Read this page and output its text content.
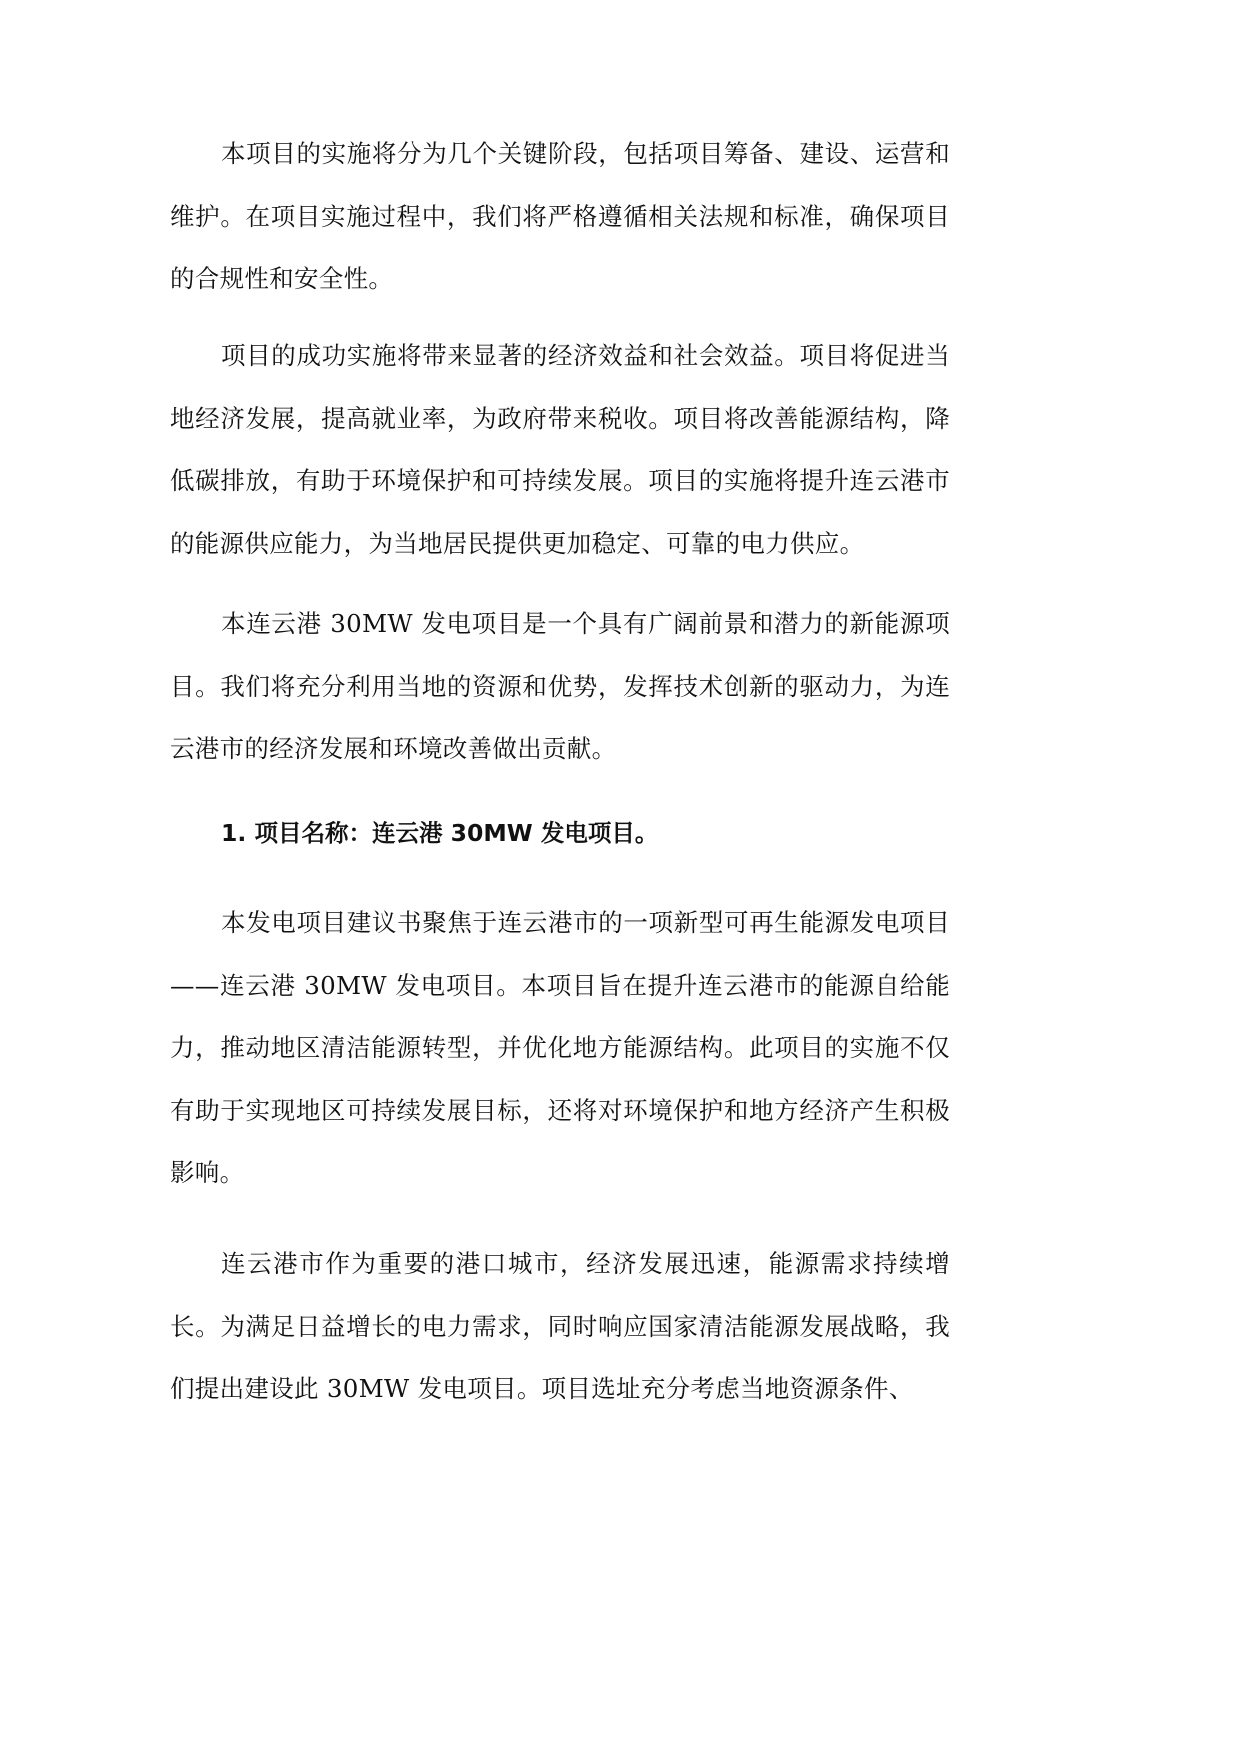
本项目的实施将分为几个关键阶段，包括项目筹备、建设、运营和维护。在项目实施过程中，我们将严格遵循相关法规和标准，确保项目的合规性和安全性。

项目的成功实施将带来显著的经济效益和社会效益。项目将促进当地经济发展，提高就业率，为政府带来税收。项目将改善能源结构，降低碳排放，有助于环境保护和可持续发展。项目的实施将提升连云港市的能源供应能力，为当地居民提供更加稳定、可靠的电力供应。

本连云港 30MW 发电项目是一个具有广阔前景和潜力的新能源项目。我们将充分利用当地的资源和优势，发挥技术创新的驱动力，为连云港市的经济发展和环境改善做出贡献。

1. 项目名称：连云港 30MW 发电项目。

本发电项目建议书聚焦于连云港市的一项新型可再生能源发电项目——连云港 30MW 发电项目。本项目旨在提升连云港市的能源自给能力，推动地区清洁能源转型，并优化地方能源结构。此项目的实施不仅有助于实现地区可持续发展目标，还将对环境保护和地方经济产生积极影响。

连云港市作为重要的港口城市，经济发展迅速，能源需求持续增长。为满足日益增长的电力需求，同时响应国家清洁能源发展战略，我们提出建设此 30MW 发电项目。项目选址充分考虑当地资源条件、
